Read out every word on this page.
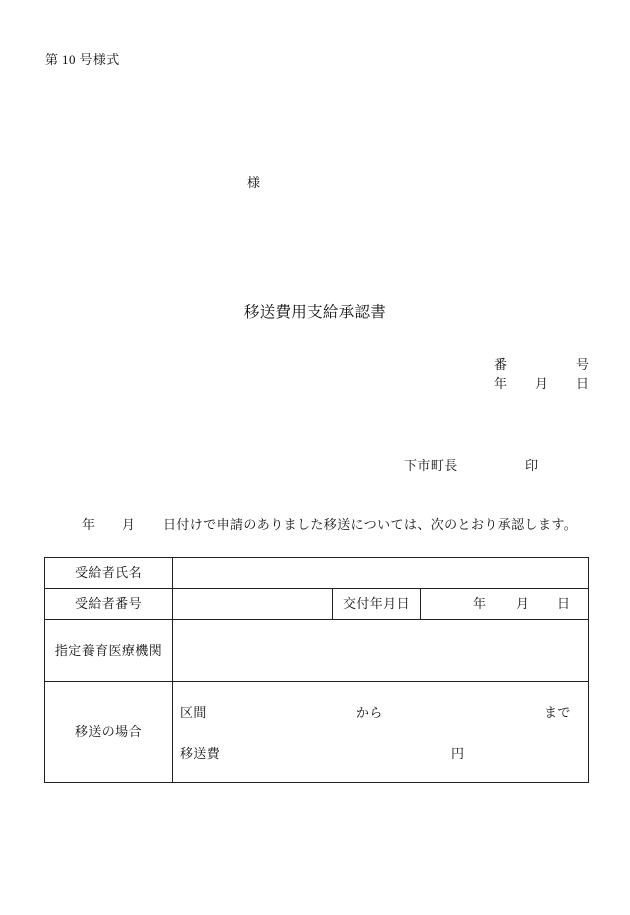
第 10 号様式
様
移送費用支給承認書
番	号
年 月 日
下市町長	印
年 月 日付けで申請のありました移送については、次のとおり承認します。
受給者氏名			
受給者番号		交付年月日	年 月 日

指定養育医療機関			
移送の場合	区間 から まで
移送費 円		
